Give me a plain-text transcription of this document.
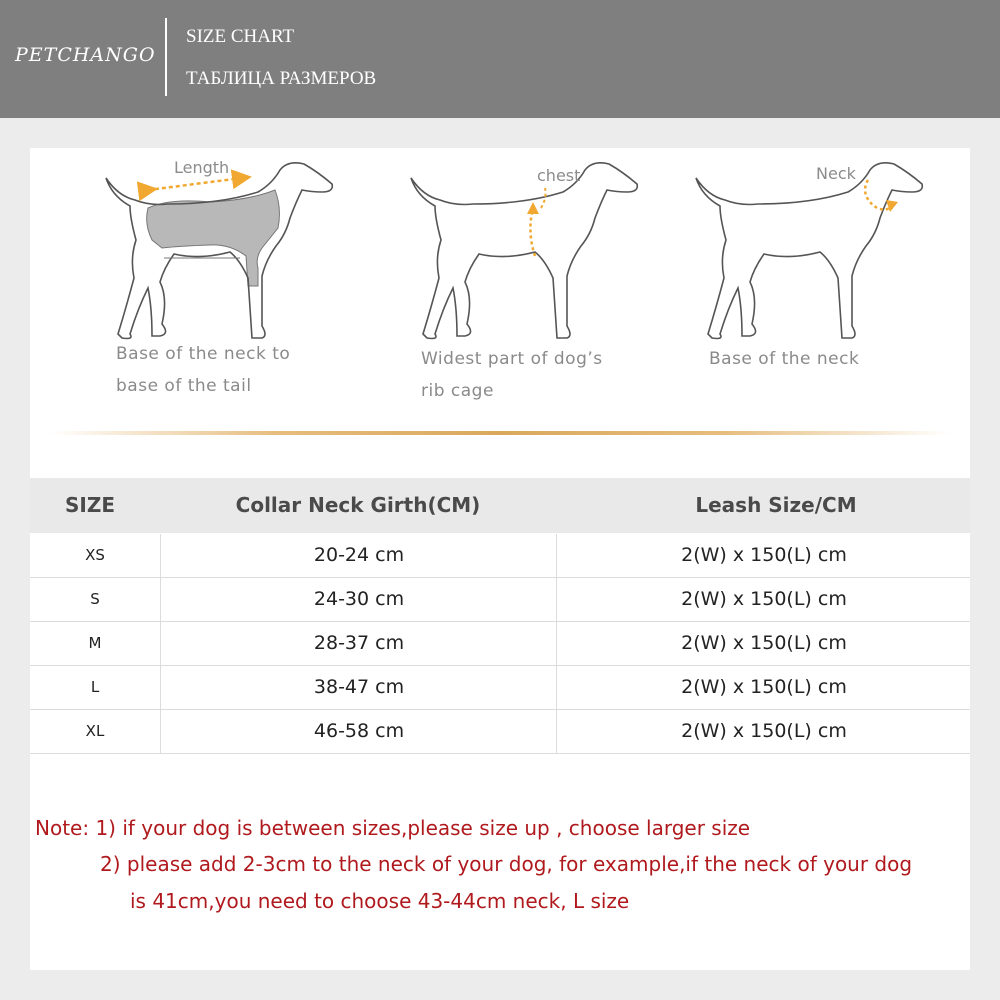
PETCHANGO
SIZE CHART
ТАБЛИЦА РАЗМЕРОВ
Length
Base of the neck to
base of the tail
chest
Widest part of dog’s
rib cage
Neck
Base of the neck
SIZE	Collar Neck Girth(CM)	Leash Size/CM
XS	20-24 cm	2(W) x 150(L) cm
S	24-30 cm	2(W) x 150(L) cm
M	28-37 cm	2(W) x 150(L) cm
L	38-47 cm	2(W) x 150(L) cm
XL	46-58 cm	2(W) x 150(L) cm
Note: 1) if your dog is between sizes,please size up , choose larger size
2) please add 2-3cm to the neck of your dog, for example,if the neck of your dog
is 41cm,you need to choose 43-44cm neck, L size
